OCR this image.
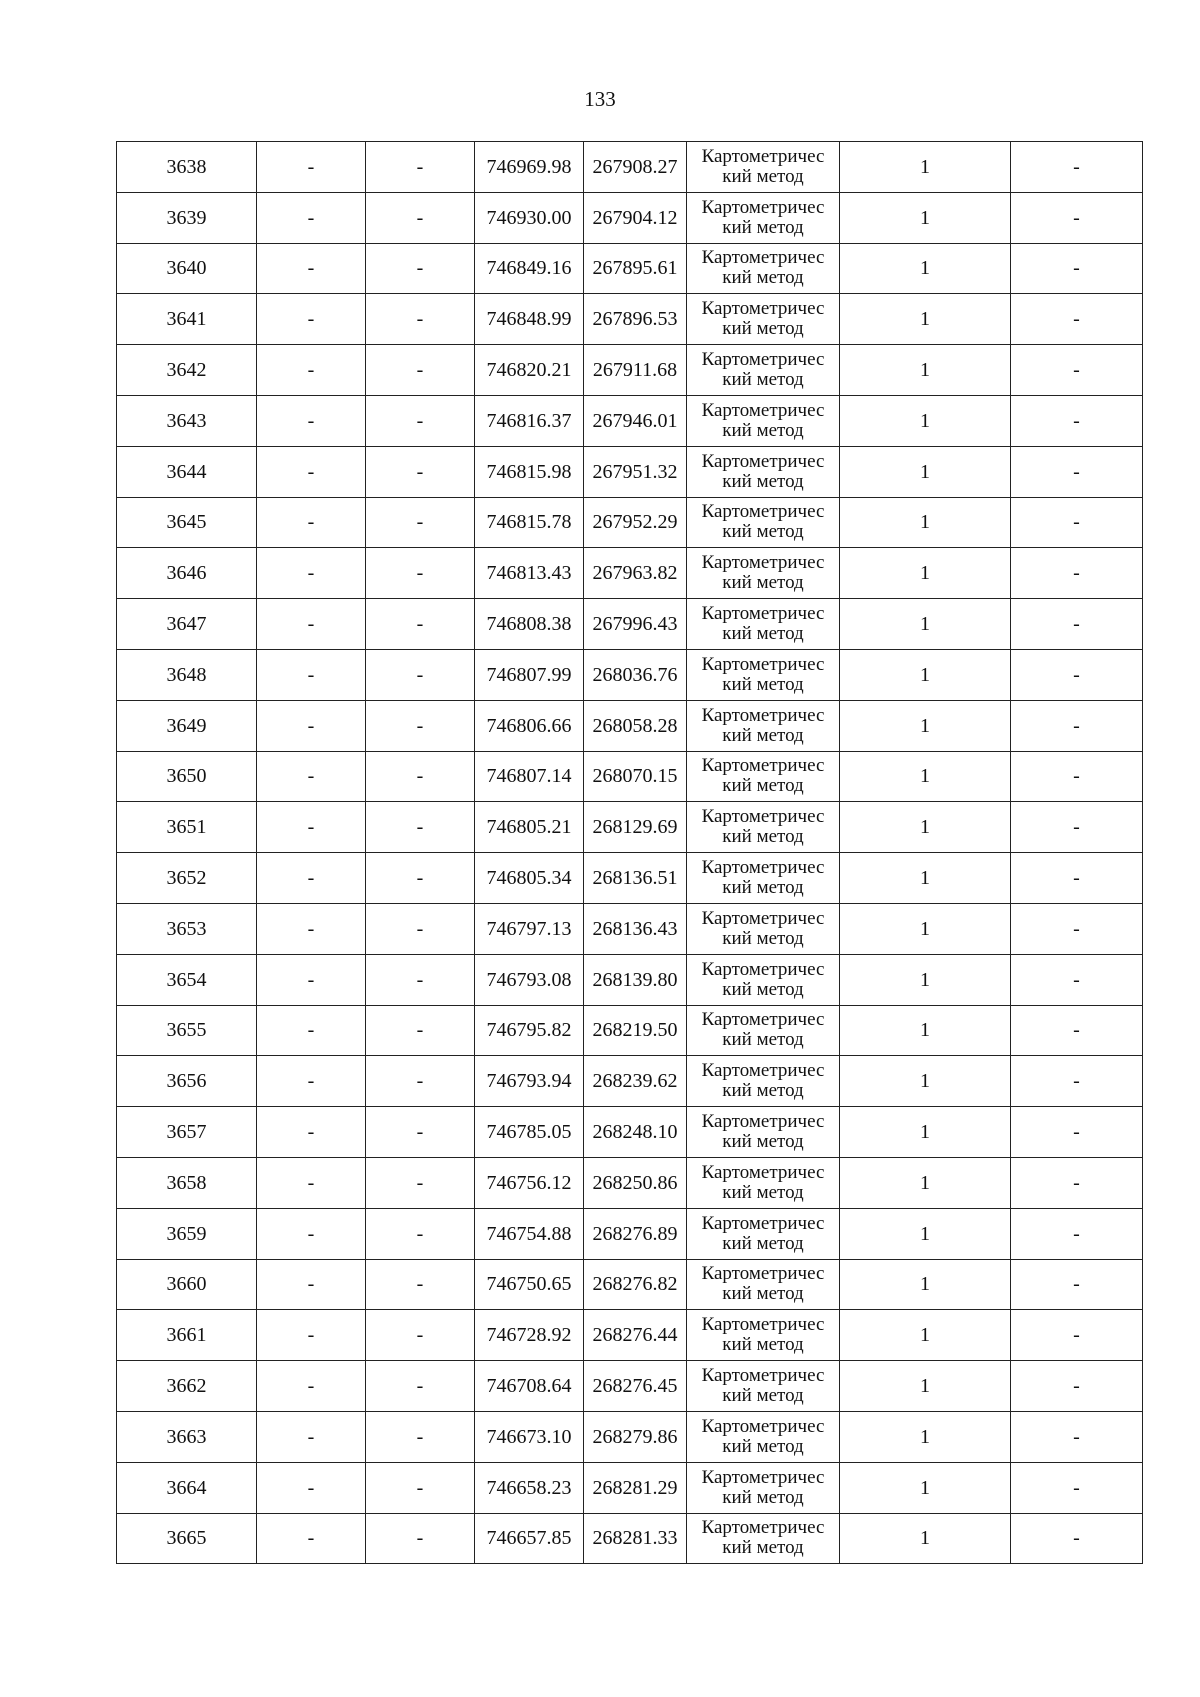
133
3638	-	-	746969.98	267908.27	Картометричес
кий метод	1	-
3639	-	-	746930.00	267904.12	Картометричес
кий метод	1	-
3640	-	-	746849.16	267895.61	Картометричес
кий метод	1	-
3641	-	-	746848.99	267896.53	Картометричес
кий метод	1	-
3642	-	-	746820.21	267911.68	Картометричес
кий метод	1	-
3643	-	-	746816.37	267946.01	Картометричес
кий метод	1	-
3644	-	-	746815.98	267951.32	Картометричес
кий метод	1	-
3645	-	-	746815.78	267952.29	Картометричес
кий метод	1	-
3646	-	-	746813.43	267963.82	Картометричес
кий метод	1	-
3647	-	-	746808.38	267996.43	Картометричес
кий метод	1	-
3648	-	-	746807.99	268036.76	Картометричес
кий метод	1	-
3649	-	-	746806.66	268058.28	Картометричес
кий метод	1	-
3650	-	-	746807.14	268070.15	Картометричес
кий метод	1	-
3651	-	-	746805.21	268129.69	Картометричес
кий метод	1	-
3652	-	-	746805.34	268136.51	Картометричес
кий метод	1	-
3653	-	-	746797.13	268136.43	Картометричес
кий метод	1	-
3654	-	-	746793.08	268139.80	Картометричес
кий метод	1	-
3655	-	-	746795.82	268219.50	Картометричес
кий метод	1	-
3656	-	-	746793.94	268239.62	Картометричес
кий метод	1	-
3657	-	-	746785.05	268248.10	Картометричес
кий метод	1	-
3658	-	-	746756.12	268250.86	Картометричес
кий метод	1	-
3659	-	-	746754.88	268276.89	Картометричес
кий метод	1	-
3660	-	-	746750.65	268276.82	Картометричес
кий метод	1	-
3661	-	-	746728.92	268276.44	Картометричес
кий метод	1	-
3662	-	-	746708.64	268276.45	Картометричес
кий метод	1	-
3663	-	-	746673.10	268279.86	Картометричес
кий метод	1	-
3664	-	-	746658.23	268281.29	Картометричес
кий метод	1	-
3665	-	-	746657.85	268281.33	Картометричес
кий метод	1	-
